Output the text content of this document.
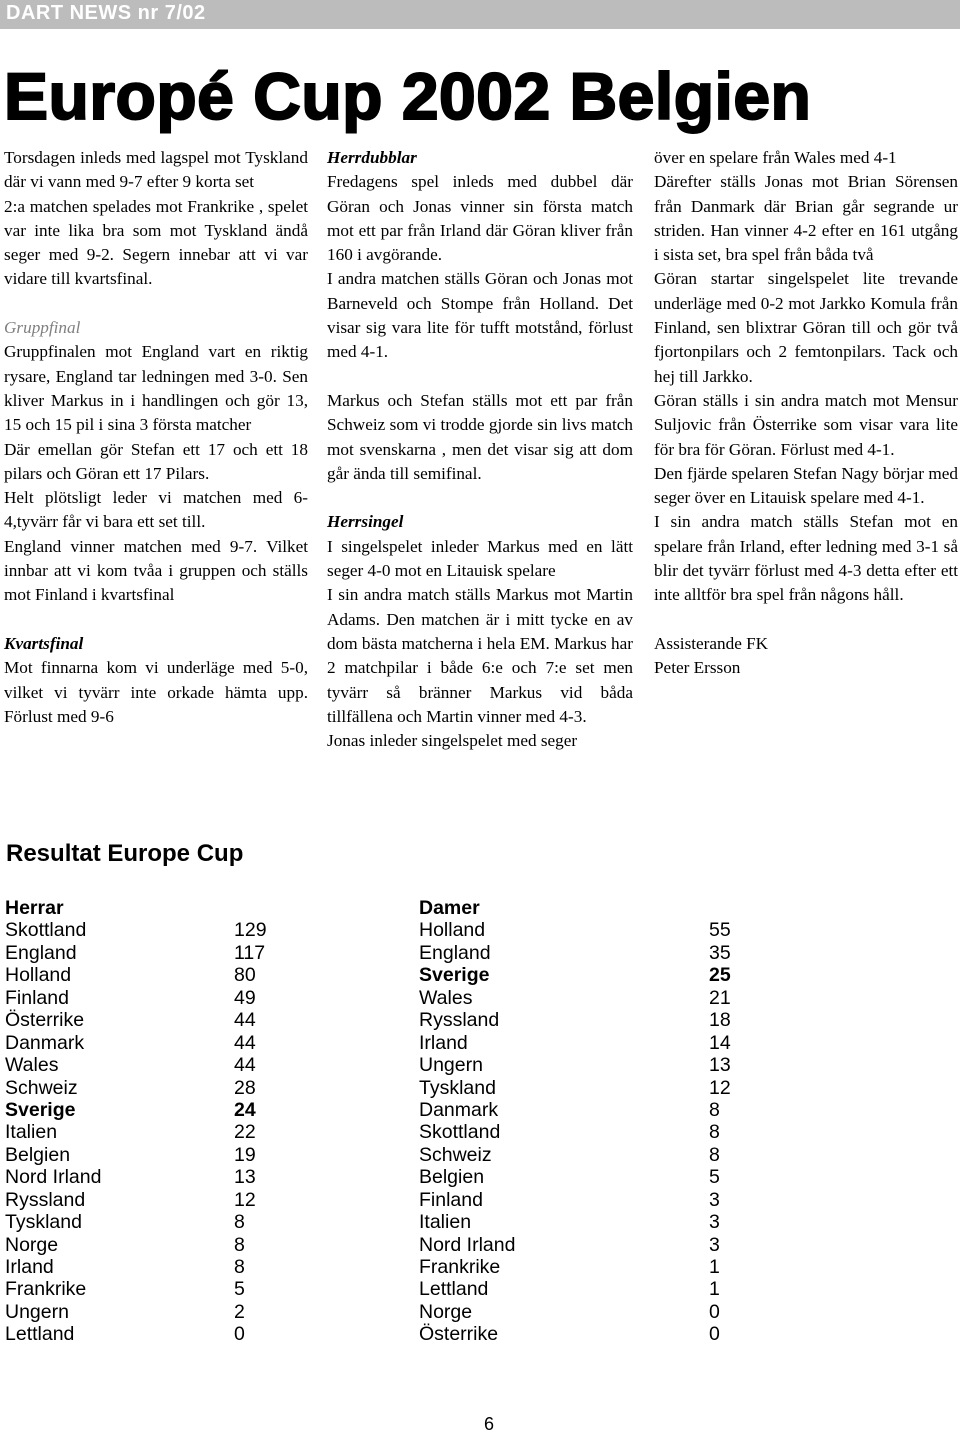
DART NEWS nr 7/02
Europé Cup 2002 Belgien

Torsdagen inleds med lagspel mot Tyskland där vi vann med 9-7 efter 9 korta set

2:a matchen spelades mot Frankrike , spelet var inte lika bra som mot Tyskland ändå seger med 9-2. Segern innebar att vi var vidare till kvartsfinal.

Gruppfinal

Gruppfinalen mot England vart en riktig rysare, England tar ledningen med 3-0. Sen kliver Markus in i handlingen och gör 13, 15 och 15 pil i sina 3 första matcher

Där emellan gör Stefan ett 17 och ett 18 pilars och Göran ett 17 Pilars.

Helt plötsligt leder vi matchen med 6-4,tyvärr får vi bara ett set till.

England vinner matchen med 9-7. Vilket innbar att vi kom tvåa i gruppen och ställs mot Finland i kvartsfinal

Kvartsfinal

Mot finnarna kom vi underläge med 5-0, vilket vi tyvärr inte orkade hämta upp. Förlust med 9-6

Herrdubblar

Fredagens spel inleds med dubbel där Göran och Jonas vinner sin första match mot ett par från Irland där Göran kliver från 160 i avgörande.

I andra matchen ställs Göran och Jonas mot Barneveld och Stompe från Holland. Det visar sig vara lite för tufft motstånd, förlust med 4-1.

Markus och Stefan ställs mot ett par från Schweiz som vi trodde gjorde sin livs match mot svenskarna , men det visar sig att dom går ända till semifinal.

Herrsingel

I singelspelet inleder Markus med en lätt seger 4-0 mot en Litauisk spelare

I sin andra match ställs Markus mot Martin Adams. Den matchen är i mitt tycke en av dom bästa matcherna i hela EM. Markus har 2 matchpilar i både 6:e och 7:e set men tyvärr så bränner Markus vid båda tillfällena och Martin vinner med 4-3.

Jonas inleder singelspelet med seger

över en spelare från Wales med 4-1

Därefter ställs Jonas mot Brian Sörensen från Danmark där Brian går segrande ur striden. Han vinner 4-2 efter en 161 utgång i sista set, bra spel från båda två

Göran startar singelspelet lite trevande underläge med 0-2 mot Jarkko Komula från Finland, sen blixtrar Göran till och gör två fjortonpilars och 2 femtonpilars. Tack och hej till Jarkko.

Göran ställs i sin andra match mot Mensur Suljovic från Österrike som visar vara lite för bra för Göran. Förlust med 4-1.

Den fjärde spelaren Stefan Nagy börjar med seger över en Litauisk spelare med 4-1.

I sin andra match ställs Stefan mot en spelare från Irland, efter ledning med 3-1 så blir det tyvärr förlust med 4-3 detta efter ett inte alltför bra spel från någons håll.

Assisterande FK

Peter Ersson

Resultat Europe Cup
Herrar
Skottland	129
England	117
Holland	80
Finland	49
Österrike	44
Danmark	44
Wales	44
Schweiz	28
Sverige	24
Italien	22
Belgien	19
Nord Irland	13
Ryssland	12
Tyskland	8
Norge	8
Irland	8
Frankrike	5
Ungern	2
Lettland	0
Damer
Holland	55
England	35
Sverige	25
Wales	21
Ryssland	18
Irland	14
Ungern	13
Tyskland	12
Danmark	8
Skottland	8
Schweiz	8
Belgien	5
Finland	3
Italien	3
Nord Irland	3
Frankrike	1
Lettland	1
Norge	0
Österrike	0
6
